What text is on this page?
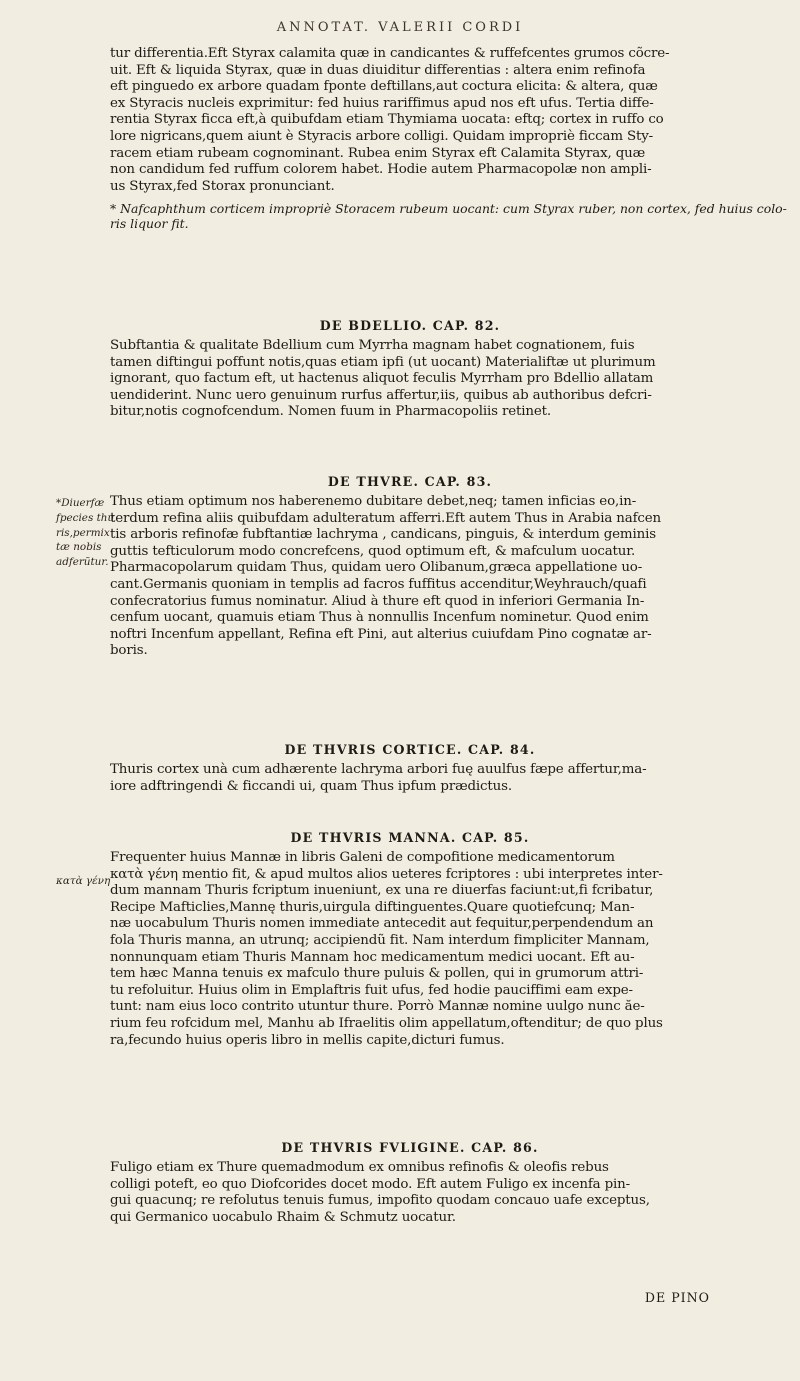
ANNOTAT. VALERII CORDI

tur differentia.Eft Styrax calamita quæ in candicantes & ruffefcentes grumos cõcre-
uit. Eft & liquida Styrax, quæ in duas diuiditur differentias : altera enim refinofa
eft pinguedo ex arbore quadam fponte deftillans,aut coctura elicita: & altera, quæ
ex Styracis nucleis exprimitur: fed huius rariffimus apud nos eft ufus. Tertia diffe-
rentia Styrax ficca eft,à quibufdam etiam Thymiama uocata: eftq; cortex in ruffo co
lore nigricans,quem aiunt è Styracis arbore colligi. Quidam impropriè ficcam Sty-
racem etiam rubeam cognominant. Rubea enim Styrax eft Calamita Styrax, quæ
non candidum fed ruffum colorem habet. Hodie autem Pharmacopolæ non ampli-
us Styrax,fed Storax pronunciant.

* Nafcaphthum corticem impropriè Storacem rubeum uocant: cum Styrax ruber, non cortex, fed huius colo-
ris liquor fit.

DE BDELLIO. CAP. 82.

Subftantia & qualitate Bdellium cum Myrrha magnam habet cognationem, fuis
tamen diftingui poffunt notis,quas etiam ipfi (ut uocant) Materialiftæ ut plurimum
ignorant, quo factum eft, ut hactenus aliquot feculis Myrrham pro Bdellio allatam
uendiderint. Nunc uero genuinum rurfus affertur,iis, quibus ab authoribus defcri-
bitur,notis cognofcendum. Nomen fuum in Pharmacopoliis retinet.

*Diuerfæ
fpecies thu
ris,permix
tæ nobis
adferũtur.
DE THVRE. CAP. 83.

Thus etiam optimum nos haberenemo dubitare debet,neq; tamen inficias eo,in-
terdum refina aliis quibufdam adulteratum afferri.Eft autem Thus in Arabia nafcen
tis arboris refinofæ fubftantiæ lachryma , candicans, pinguis, & interdum geminis
guttis tefticulorum modo concrefcens, quod optimum eft, & mafculum uocatur.
Pharmacopolarum quidam Thus, quidam uero Olibanum,græca appellatione uo-
cant.Germanis quoniam in templis ad facros fuffitus accenditur,Weyhrauch/quafi
confecratorius fumus nominatur. Aliud à thure eft quod in inferiori Germania In-
cenfum uocant, quamuis etiam Thus à nonnullis Incenfum nominetur. Quod enim
noftri Incenfum appellant, Refina eft Pini, aut alterius cuiufdam Pino cognatæ ar-
boris.

DE THVRIS CORTICE. CAP. 84.

Thuris cortex unà cum adhærente lachryma arbori fuę auulfus fæpe affertur,ma-
iore adftringendi & ficcandi ui, quam Thus ipfum prædictus.

κατὰ γένη
DE THVRIS MANNA. CAP. 85.

Frequenter huius Mannæ in libris Galeni de compofitione medicamentorum
κατὰ γένη mentio fit, & apud multos alios ueteres fcriptores : ubi interpretes inter-
dum mannam Thuris fcriptum inueniunt, ex una re diuerfas faciunt:ut,fi fcribatur,
Recipe Mafticlies,Mannę thuris,uirgula diftinguentes.Quare quotiefcunq; Man-
næ uocabulum Thuris nomen immediate antecedit aut fequitur,perpendendum an
fola Thuris manna, an utrunq; accipiendũ fit. Nam interdum fimpliciter Mannam,
nonnunquam etiam Thuris Mannam hoc medicamentum medici uocant. Eft au-
tem hæc Manna tenuis ex mafculo thure puluis & pollen, qui in grumorum attri-
tu refoluitur. Huius olim in Emplaftris fuit ufus, fed hodie pauciffimi eam expe-
tunt: nam eius loco contrito utuntur thure. Porrò Mannæ nomine uulgo nunc ăe-
rium feu rofcidum mel, Manhu ab Ifraelitis olim appellatum,oftenditur; de quo plus
ra,fecundo huius operis libro in mellis capite,dicturi fumus.

DE THVRIS FVLIGINE. CAP. 86.

Fuligo etiam ex Thure quemadmodum ex omnibus refinofis & oleofis rebus
colligi poteft, eo quo Diofcorides docet modo. Eft autem Fuligo ex incenfa pin-
gui quacunq; re refolutus tenuis fumus, impofito quodam concauo uafe exceptus,
qui Germanico uocabulo Rhaim & Schmutz uocatur.

DE PINO
